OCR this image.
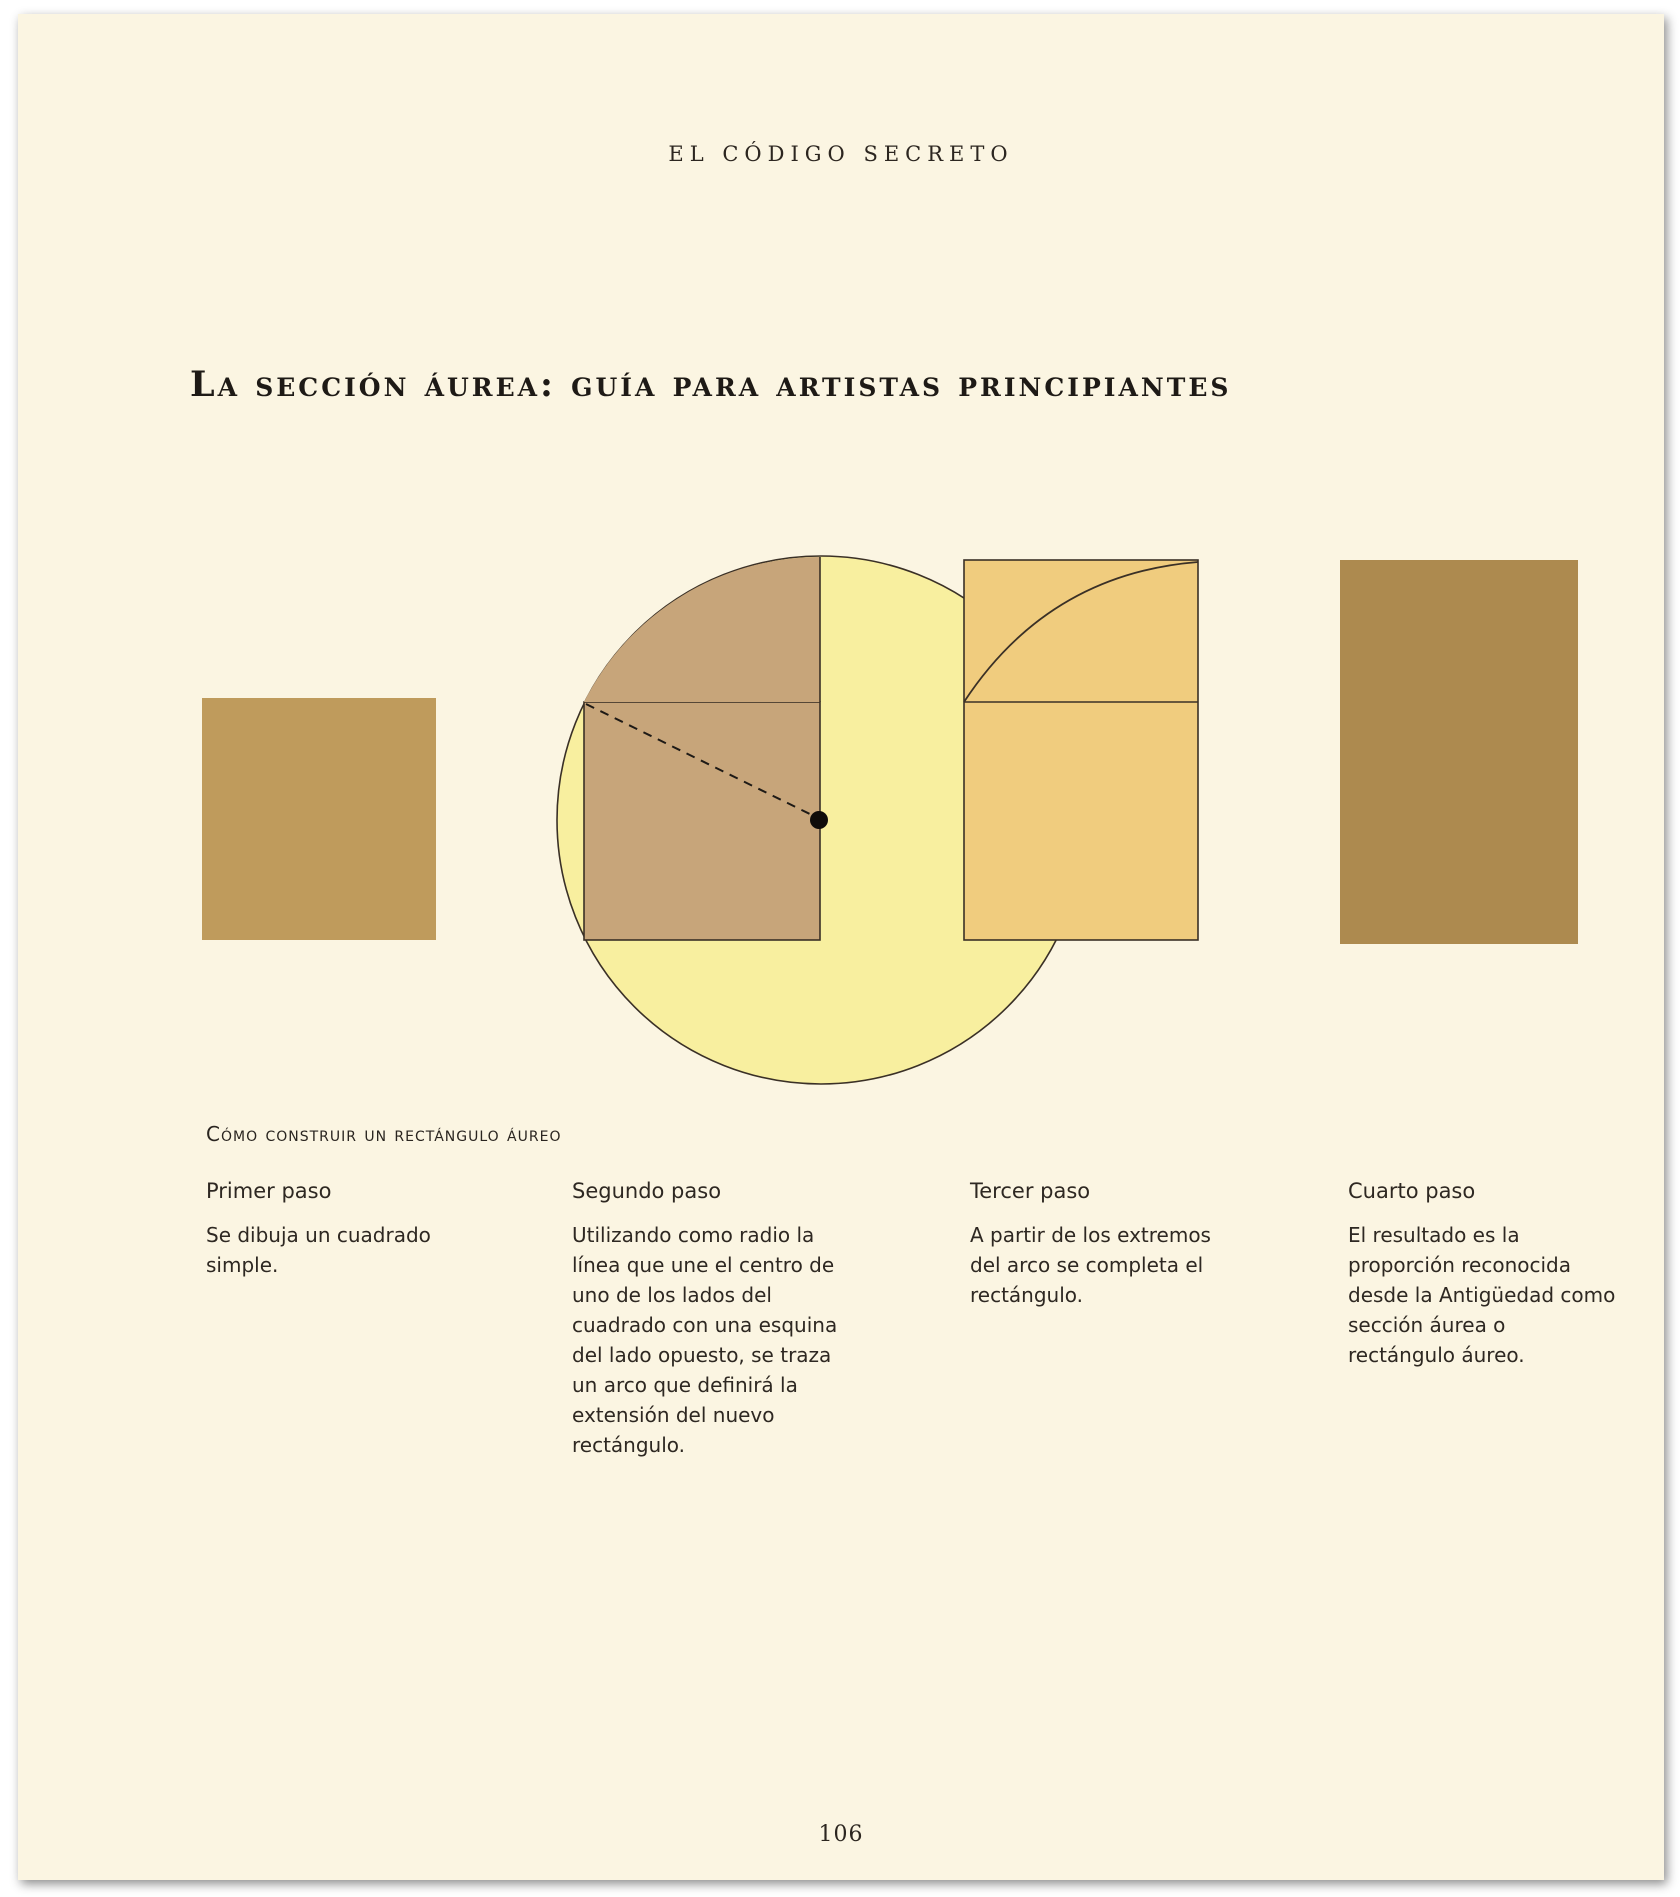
EL CÓDIGO SECRETO
La sección áurea: guía para artistas principiantes
Cómo construir un rectángulo áureo
Primer paso
Se dibuja un cuadrado simple.
Segundo paso
Utilizando como radio la línea que une el centro de uno de los lados del cuadrado con una esquina del lado opuesto, se traza un arco que definirá la extensión del nuevo rectángulo.
Tercer paso
A partir de los extremos del arco se completa el rectángulo.
Cuarto paso
El resultado es la proporción reconocida desde la Antigüedad como sección áurea o rectángulo áureo.
106
